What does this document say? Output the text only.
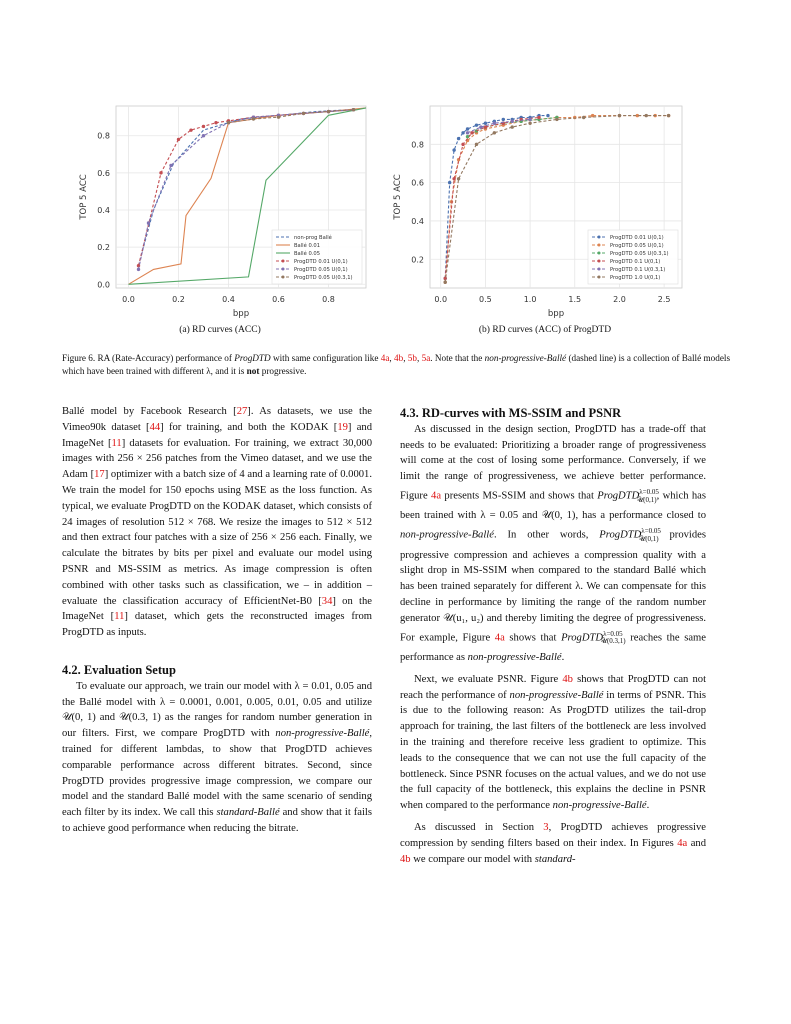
0.0	0.2	0.4	0.6	0.8
0.0
0.2
0.4
0.6
0.8
bpp
TOP 5 ACC
non-prog Ballé
Ballé 0.01
Ballé 0.05
ProgDTD 0.01 U(0,1)
ProgDTD 0.05 U(0,1)
ProgDTD 0.05 U(0.3,1)
(a) RD curves (ACC)
0.0	0.5	1.0	1.5	2.0	2.5
0.2
0.4
0.6
0.8
bpp
TOP 5 ACC
ProgDTD 0.01 U(0,1)
ProgDTD 0.05 U(0,1)
ProgDTD 0.05 U(0.3,1)
ProgDTD 0.1 U(0,1)
ProgDTD 0.1 U(0.3,1)
ProgDTD 1.0 U(0,1)
(b) RD curves (ACC) of ProgDTD
Figure 6. RA (Rate-Accuracy) performance of ProgDTD with same configuration like 4a, 4b, 5b, 5a. Note that the non-progressive-Ballé (dashed line) is a collection of Ballé models which have been trained with different λ, and it is not progressive.

Ballé model by Facebook Research [27]. As datasets, we use the Vimeo90k dataset [44] for training, and both the KODAK [19] and ImageNet [11] datasets for evaluation. For training, we extract 30,000 images with 256 × 256 patches from the Vimeo dataset, and we use the Adam [17] optimizer with a batch size of 4 and a learning rate of 0.0001. We train the model for 150 epochs using MSE as the loss function. As typical, we evaluate ProgDTD on the KODAK dataset, which consists of 24 images of resolution 512 × 768. We resize the images to 512 × 512 and then extract four patches with a size of 256 × 256 each. Finally, we calculate the bitrates by bits per pixel and evaluate our model using PSNR and MS-SSIM as metrics. As image compression is often combined with other tasks such as classification, we – in addition – evaluate the classification accuracy of EfficientNet-B0 [34] on the ImageNet [11] dataset, which gets the reconstructed images from ProgDTD as inputs.

4.2. Evaluation Setup

To evaluate our approach, we train our model with λ = 0.01, 0.05 and the Ballé model with λ = 0.0001, 0.001, 0.005, 0.01, 0.05 and utilize 𝒰(0, 1) and 𝒰(0.3, 1) as the ranges for random number generation in our filters. First, we compare ProgDTD with non-progressive-Ballé, trained for different lambdas, to show that ProgDTD achieves comparable performance across different bitrates. Second, since ProgDTD provides progressive image compression, we compare our model and the standard Ballé model with the same scenario of sending each filter by its index. We call this standard-Ballé and show that it fails to achieve good performance when reducing the bitrate.

4.3. RD-curves with MS-SSIM and PSNR

As discussed in the design section, ProgDTD has a trade-off that needs to be evaluated: Prioritizing a broader range of progressiveness will come at the cost of losing some performance. Conversely, if we limit the range of progressiveness, we achieve better performance. Figure 4a presents MS-SSIM and shows that ProgDTD$^{\lambda=0.05}_{𝒰(0,1)}$, which has been trained with λ = 0.05 and 𝒰(0, 1), has a performance closed to non-progressive-Ballé. In other words, ProgDTD$^{\lambda=0.05}_{𝒰(0,1)}$ provides progressive compression and achieves a compression quality with a slight drop in MS-SSIM when compared to the standard Ballé which has been trained separately for different λ. We can compensate for this decline in performance by limiting the range of the random number generator 𝒰(u₁, u₂) and thereby limiting the degree of progressiveness. For example, Figure 4a shows that ProgDTD$^{\lambda=0.05}_{𝒰(0.3,1)}$ reaches the same performance as non-progressive-Ballé.

Next, we evaluate PSNR. Figure 4b shows that ProgDTD can not reach the performance of non-progressive-Ballé in terms of PSNR. This is due to the following reason: As ProgDTD utilizes the tail-drop approach for training, the last filters of the bottleneck are less involved in the training and therefore receive less gradient to optimize. This leads to the consequence that we can not use the full capacity of the bottleneck. Since PSNR focuses on the actual values, and we do not use the full capacity of the bottleneck, this explains the decline in PSNR when compared to the performance non-progressive-Ballé.

As discussed in Section 3, ProgDTD achieves progressive compression by sending filters based on their index. In Figures 4a and 4b we compare our model with standard-
